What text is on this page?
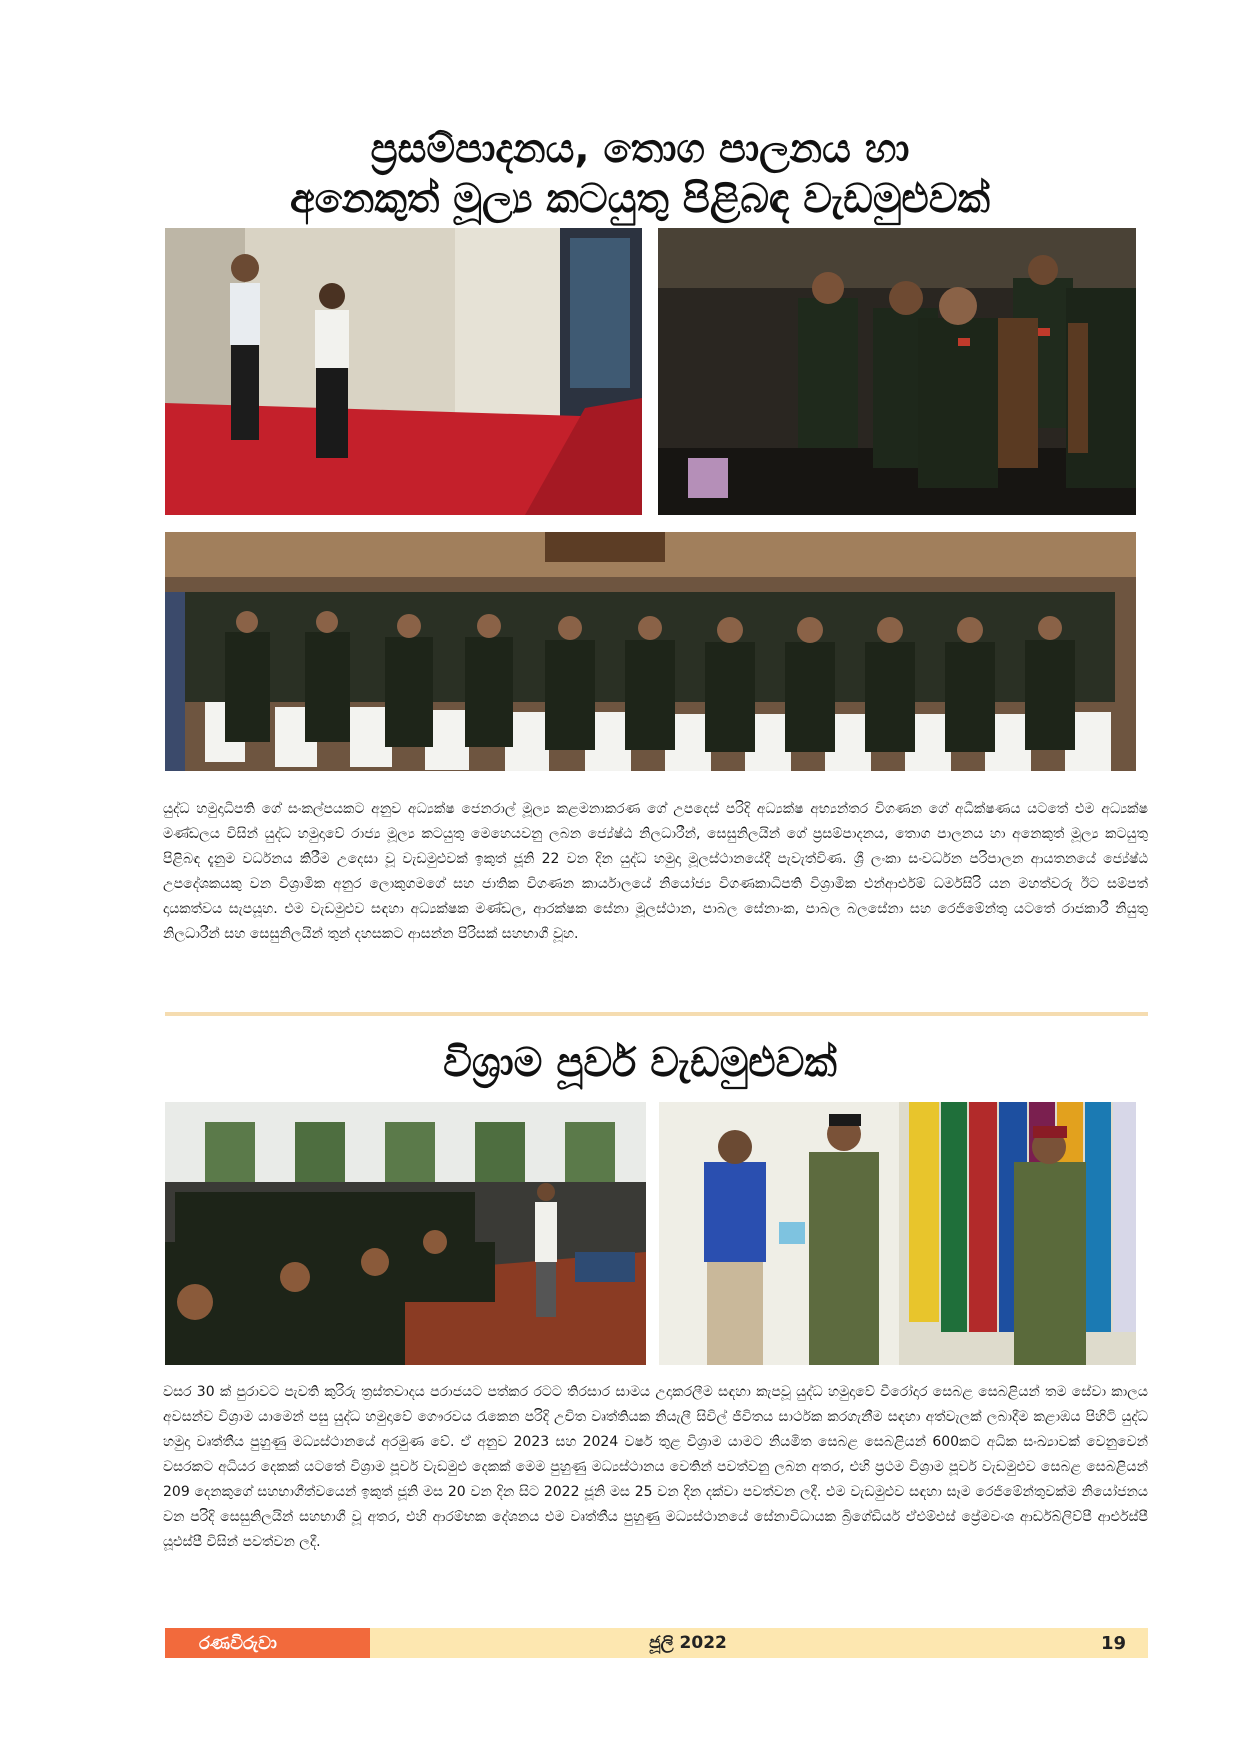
ප්‍රසම්පාදනය, තොග පාලනය හා
අනෙකුත් මූල්‍ය කටයුතු පිළිබඳ වැඩමුළුවක්

යුද්ධ හමුදාධිපති ගේ සංකල්පයකට අනුව අධ්‍යක්ෂ ජෙනරාල් මූල්‍ය කළමනාකරණ ගේ උපදෙස් පරිදි අධ්‍යක්ෂ අභ්‍යන්තර විගණන ගේ අධීක්ෂණය යටතේ එම අධ්‍යක්ෂ මණ්ඩලය විසින් යුද්ධ හමුදාවේ රාජ්‍ය මූල්‍ය කටයුතු මෙහෙයවනු ලබන ජ්‍යේෂ්ඨ නිලධාරීන්, සෙසුනිලයින් ගේ ප්‍රසම්පාදනය, තොග පාලනය හා අනෙකුත් මූල්‍ය කටයුතු පිළිබඳ දැනුම වර්ධනය කිරීම උදෙසා වූ වැඩමුළුවක් ඉකුත් ජූනි 22 වන දින යුද්ධ හමුදා මූලස්ථානයේදී පැවැත්විණ. ශ්‍රී ලංකා සංවර්ධන පරිපාලන ආයතනයේ ජ්‍යේෂ්ඨ උපදේශකයකු වන විශ්‍රාමික අනුර ලොකුගමගේ සහ ජාතික විගණන කාර්යාලයේ නියෝජ්‍ය විගණකාධිපති විශ්‍රාමික එන්ආර්එම් ධර්මසිරි යන මහත්වරු ඊට සම්පත් දායකත්වය සැපයූහ. එම වැඩමුළුව සඳහා අධ්‍යක්ෂක මණ්ඩල, ආරක්ෂක සේනා මූලස්ථාන, පාබල සේනාංක, පාබල බලසේනා සහ රෙජිමේන්තු යටතේ රාජකාරී නියුතු නිලධාරීන් සහ සෙසුනිලයින් තුන් දහසකට ආසන්න පිරිසක් සහභාගී වූහ.

විශ්‍රාම පූර්ව වැඩමුළුවක්

වසර 30 ක් පුරාවට පැවති කුරිරු ත්‍රස්තවාදය පරාජයට පත්කර රටට තිරසාර සාමය උදාකරලීම සඳහා කැපවූ යුද්ධ හමුදාවේ වීරෝදාර සෙබළ සෙබළියන් තම සේවා කාලය අවසන්ව විශ්‍රාම යාමෙන් පසු යුද්ධ හමුදාවේ ගෞරවය රැකෙන පරිදි උචිත වෘත්තියක නියැලී සිවිල් ජීවිතය සාර්ථක කරගැනීම සඳහා අත්වැලක් ලබාදීම කළාඹය පිහිටි යුද්ධ හමුදා වෘත්තීය පුහුණු මධ්‍යස්ථානයේ අරමුණ වේ. ඒ අනුව 2023 සහ 2024 වර්ෂ තුළ විශ්‍රාම යාමට නියමිත සෙබළ සෙබළියන් 600කට අධික සංඛ්‍යාවක් වෙනුවෙන් වසරකට අධියර දෙකක් යටතේ විශ්‍රාම පූර්ව වැඩමුළු දෙකක් මෙම පුහුණු මධ්‍යස්ථානය වෙතින් පවත්වනු ලබන අතර, එහි ප්‍රථම විශ්‍රාම පූර්ව වැඩමුළුව සෙබළ සෙබළියන් 209 දෙනකුගේ සහභාගීත්වයෙන් ඉකුත් ජූනි මස 20 වන දින සිට 2022 ජූනි මස 25 වන දින දක්වා පවත්වන ලදී. එම වැඩමුළුව සඳහා සෑම රෙජිමේන්තුවක්ම නියෝජනය වන පරිදි සෙසුනිලයින් සහභාගී වූ අතර, එහි ආරම්භක දේශනය එම වෘත්තීය පුහුණු මධ්‍යස්ථානයේ සේනාවිධායක බ්‍රිගේඩියර් ඒඑම්එස් ප්‍රේමවංශ ආර්ඩබ්ලිව්පී ආර්එස්පී යූඑස්පී විසින් පවත්වන ලදී.

රණවිරුවා	ජූලි 2022	19
